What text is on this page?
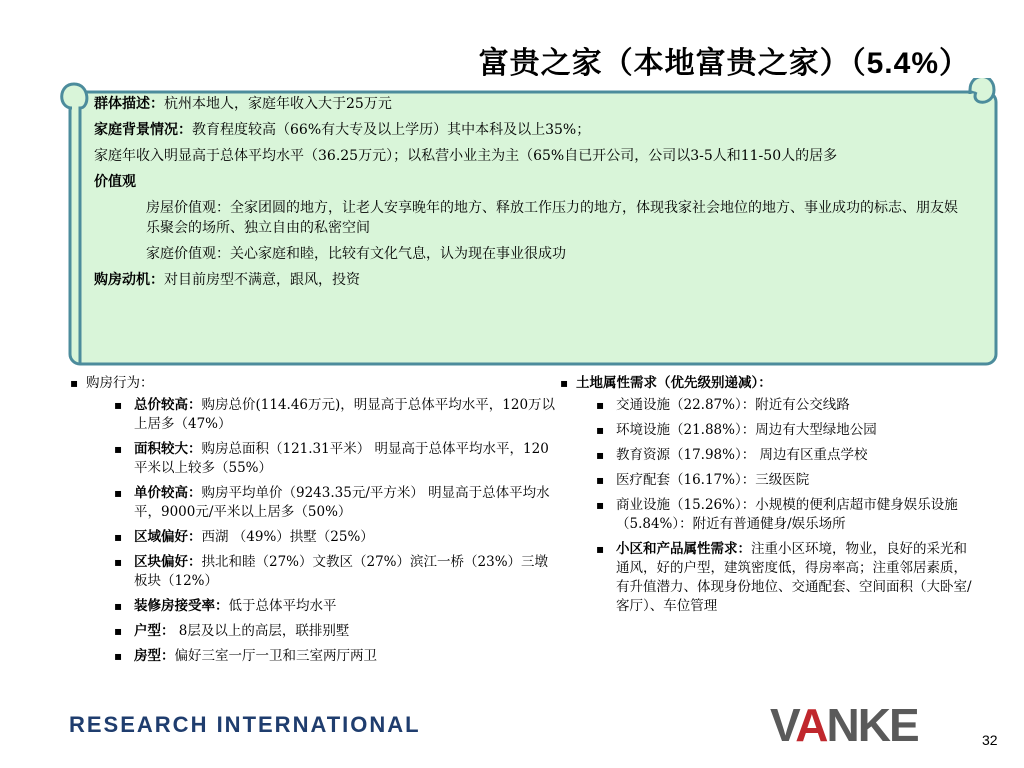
富贵之家（本地富贵之家）（5.4%）

群体描述：杭州本地人，家庭年收入大于25万元

家庭背景情况：教育程度较高（66%有大专及以上学历）其中本科及以上35%；

家庭年收入明显高于总体平均水平（36.25万元）；以私营小业主为主（65%自已开公司，公司以3-5人和11-50人的居多

价值观

房屋价值观：全家团圆的地方，让老人安享晚年的地方、释放工作压力的地方，体现我家社会地位的地方、事业成功的标志、朋友娱乐聚会的场所、独立自由的私密空间

家庭价值观：关心家庭和睦，比较有文化气息，认为现在事业很成功

购房动机：对目前房型不满意，跟风，投资

▪ 购房行为：
▪ 总价较高：购房总价(114.46万元)，明显高于总体平均水平，120万以上居多（47%）
▪ 面积较大：购房总面积（121.31平米） 明显高于总体平均水平，120平米以上较多（55%）
▪ 单价较高：购房平均单价（9243.35元/平方米） 明显高于总体平均水平，9000元/平米以上居多（50%）
▪ 区域偏好：西湖 （49%）拱墅（25%）
▪ 区块偏好：拱北和睦（27%）文教区（27%）滨江一桥（23%）三墩板块（12%）
▪ 装修房接受率：低于总体平均水平
▪ 户型： 8层及以上的高层，联排别墅
▪ 房型：偏好三室一厅一卫和三室两厅两卫
▪ 土地属性需求（优先级别递减）：
▪ 交通设施（22.87%）：附近有公交线路
▪ 环境设施（21.88%）：周边有大型绿地公园
▪ 教育资源（17.98%）： 周边有区重点学校
▪ 医疗配套（16.17%）：三级医院
▪ 商业设施（15.26%）：小规模的便利店超市健身娱乐设施（5.84%）：附近有普通健身/娱乐场所
▪ 小区和产品属性需求：注重小区环境，物业，良好的采光和通风，好的户型，建筑密度低，得房率高；注重邻居素质，有升值潜力、体现身份地位、交通配套、空间面积（大卧室/客厅）、车位管理
RESEARCH INTERNATIONAL	VANKE	32
